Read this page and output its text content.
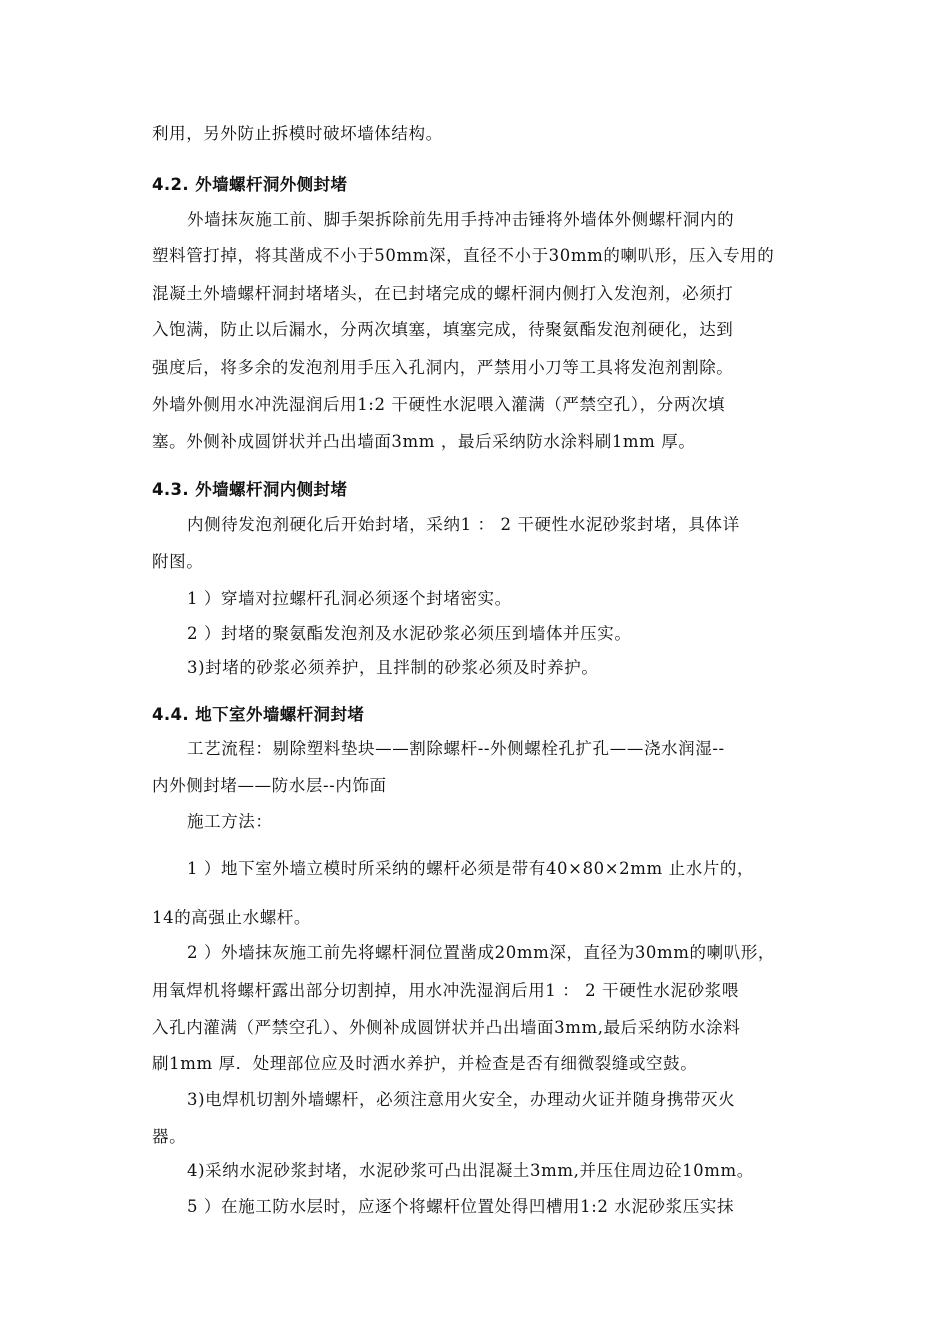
利用，另外防止拆模时破坏墙体结构。
4.2. 外墙螺杆洞外侧封堵
外墙抹灰施工前、脚手架拆除前先用手持冲击锤将外墙体外侧螺杆洞内的
塑料管打掉，将其凿成不小于50mm深，直径不小于30mm的喇叭形，压入专用的
混凝土外墙螺杆洞封堵堵头，在已封堵完成的螺杆洞内侧打入发泡剂，必须打
入饱满，防止以后漏水，分两次填塞，填塞完成，待聚氨酯发泡剂硬化，达到
强度后，将多余的发泡剂用手压入孔洞内，严禁用小刀等工具将发泡剂割除。
外墙外侧用水冲洗湿润后用1:2 干硬性水泥喂入灌满（严禁空孔），分两次填
塞。外侧补成圆饼状并凸出墙面3mm ，最后采纳防水涂料刷1mm 厚。
4.3. 外墙螺杆洞内侧封堵
内侧待发泡剂硬化后开始封堵，采纳1 ： 2 干硬性水泥砂浆封堵，具体详
附图。
1 ）穿墙对拉螺杆孔洞必须逐个封堵密实。
2 ）封堵的聚氨酯发泡剂及水泥砂浆必须压到墙体并压实。
3)封堵的砂浆必须养护，且拌制的砂浆必须及时养护。
4.4. 地下室外墙螺杆洞封堵
工艺流程：剔除塑料垫块——割除螺杆--外侧螺栓孔扩孔——浇水润湿--
内外侧封堵——防水层--内饰面
施工方法：
1 ）地下室外墙立模时所采纳的螺杆必须是带有40×80×2mm 止水片的，
14的高强止水螺杆。
2 ）外墙抹灰施工前先将螺杆洞位置凿成20mm深，直径为30mm的喇叭形，
用氧焊机将螺杆露出部分切割掉，用水冲洗湿润后用1 ： 2 干硬性水泥砂浆喂
入孔内灌满（严禁空孔）、外侧补成圆饼状并凸出墙面3mm,最后采纳防水涂料
刷1mm 厚．处理部位应及时洒水养护，并检查是否有细微裂缝或空鼓。
3)电焊机切割外墙螺杆，必须注意用火安全，办理动火证并随身携带灭火
器。
4)采纳水泥砂浆封堵，水泥砂浆可凸出混凝土3mm,并压住周边砼10mm。
5 ）在施工防水层时，应逐个将螺杆位置处得凹槽用1:2 水泥砂浆压实抹
